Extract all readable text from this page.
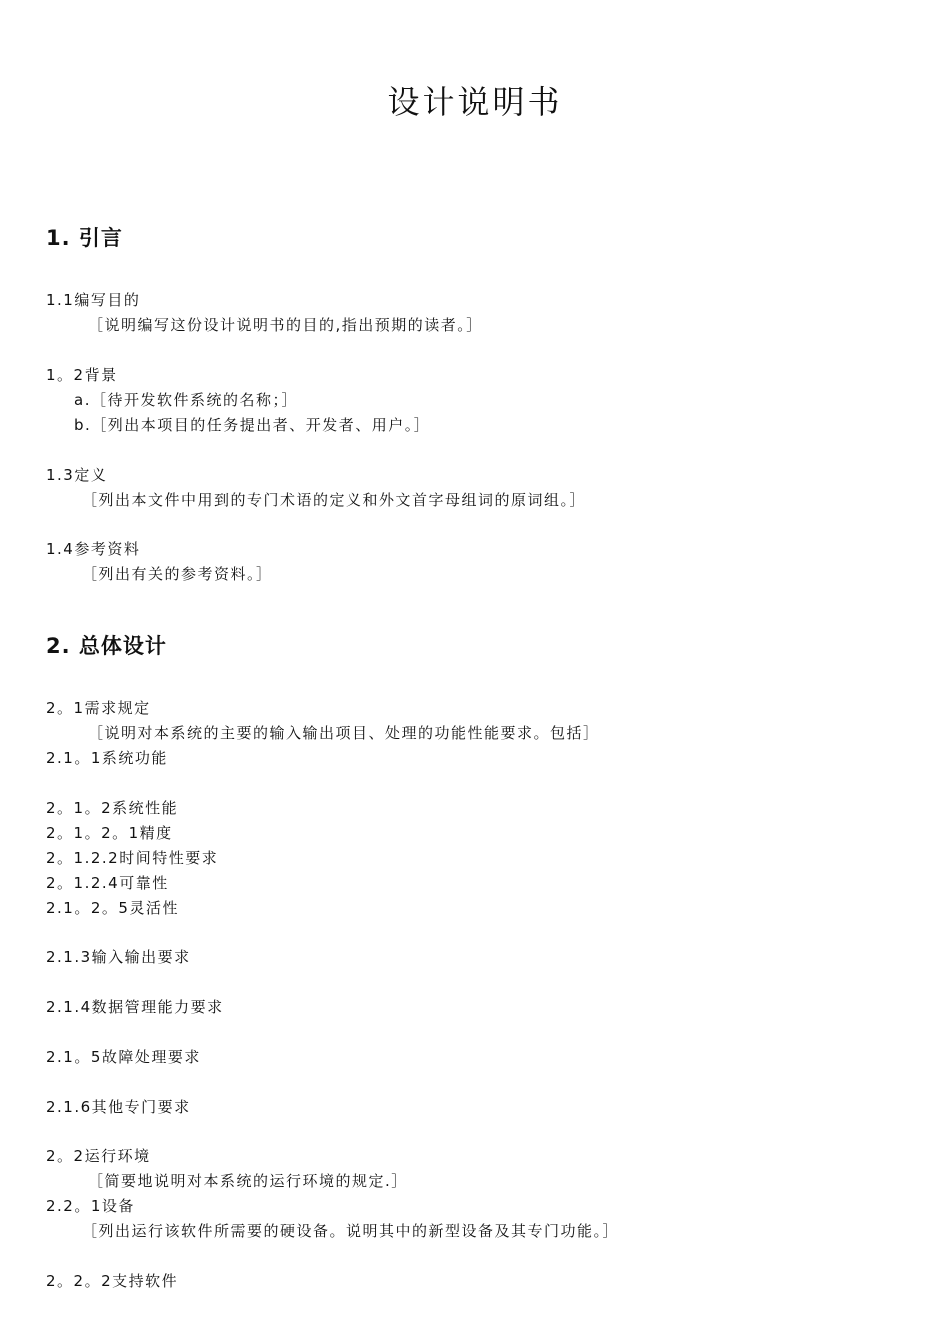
设计说明书
1. 引言

1.1编写目的

［说明编写这份设计说明书的目的,指出预期的读者。］

1。2背景

a.［待开发软件系统的名称；］

b.［列出本项目的任务提出者、开发者、用户。］

1.3定义

［列出本文件中用到的专门术语的定义和外文首字母组词的原词组。］

1.4参考资料

［列出有关的参考资料。］

2. 总体设计

2。1需求规定

［说明对本系统的主要的输入输出项目、处理的功能性能要求。包括］

2.1。1系统功能

2。1。2系统性能

2。1。2。1精度

2。1.2.2时间特性要求

2。1.2.4可靠性

2.1。2。5灵活性

2.1.3输入输出要求

2.1.4数据管理能力要求

2.1。5故障处理要求

2.1.6其他专门要求

2。2运行环境

［简要地说明对本系统的运行环境的规定.］

2.2。1设备

［列出运行该软件所需要的硬设备。说明其中的新型设备及其专门功能。］

2。2。2支持软件
